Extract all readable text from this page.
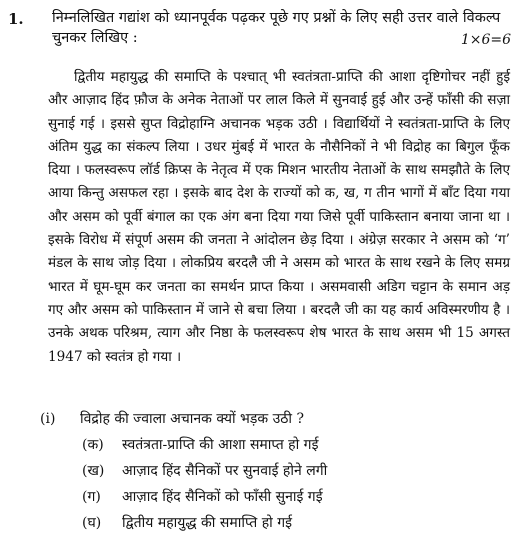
1. निम्नलिखित गद्यांश को ध्यानपूर्वक पढ़कर पूछे गए प्रश्नों के लिए सही उत्तर वाले विकल्प चुनकर लिखिए :	1×6=6

द्वितीय महायुद्ध की समाप्ति के पश्चात् भी स्वतंत्रता-प्राप्ति की आशा दृष्टिगोचर नहीं हुई और आज़ाद हिंद फ़ौज के अनेक नेताओं पर लाल किले में सुनवाई हुई और उन्हें फाँसी की सज़ा सुनाई गई । इससे सुप्त विद्रोहाग्नि अचानक भड़क उठी । विद्यार्थियों ने स्वतंत्रता-प्राप्ति के लिए अंतिम युद्ध का संकल्प लिया । उधर मुंबई में भारत के नौसैनिकों ने भी विद्रोह का बिगुल फूँक दिया । फलस्वरूप लॉर्ड क्रिप्स के नेतृत्व में एक मिशन भारतीय नेताओं के साथ समझौते के लिए आया किन्तु असफल रहा । इसके बाद देश के राज्यों को क, ख, ग तीन भागों में बाँट दिया गया और असम को पूर्वी बंगाल का एक अंग बना दिया गया जिसे पूर्वी पाकिस्तान बनाया जाना था । इसके विरोध में संपूर्ण असम की जनता ने आंदोलन छेड़ दिया । अंग्रेज़ सरकार ने असम को ‘ग’ मंडल के साथ जोड़ दिया । लोकप्रिय बरदलै जी ने असम को भारत के साथ रखने के लिए समग्र भारत में घूम-घूम कर जनता का समर्थन प्राप्त किया । असमवासी अडिग चट्टान के समान अड़ गए और असम को पाकिस्तान में जाने से बचा लिया । बरदलै जी का यह कार्य अविस्मरणीय है । उनके अथक परिश्रम, त्याग और निष्ठा के फलस्वरूप शेष भारत के साथ असम भी 15 अगस्त 1947 को स्वतंत्र हो गया ।

(i)	विद्रोह की ज्वाला अचानक क्यों भड़क उठी ?
(क)	स्वतंत्रता-प्राप्ति की आशा समाप्त हो गई
(ख)	आज़ाद हिंद सैनिकों पर सुनवाई होने लगी
(ग)	आज़ाद हिंद सैनिकों को फाँसी सुनाई गई
(घ)	द्वितीय महायुद्ध की समाप्ति हो गई
